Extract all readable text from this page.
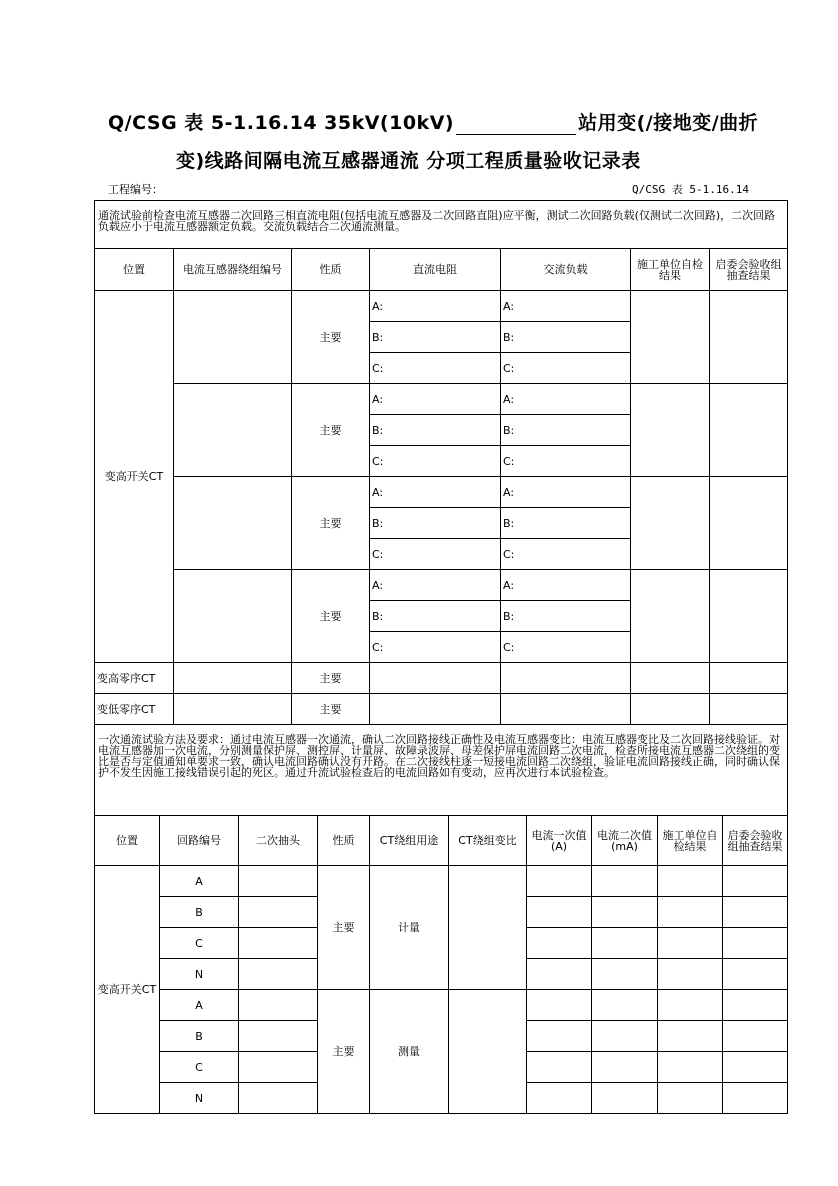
Q/CSG 表 5-1.16.14 35kV(10kV)	站用变(/接地变/曲折
变)线路间隔电流互感器通流 分项工程质量验收记录表
工程编号：	Q/CSG 表 5-1.16.14
通流试验前检查电流互感器二次回路三相直流电阻(包括电流互感器及二次回路直阻)应平衡，测试二次回路负载(仅测试二次回路)，二次回路负载应小于电流互感器额定负载。交流负载结合二次通流测量。						
位置	电流互感器绕组编号	性质	直流电阻	交流负载	施工单位自检结果	启委会验收组抽查结果
变高开关CT		主要	A:	A:		
			B:	B:		
			C:	C:		
		主要	A:	A:		
			B:	B:		
			C:	C:		
		主要	A:	A:		
			B:	B:		
			C:	C:		
		主要	A:	A:		
			B:	B:		
			C:	C:		
变高零序CT		主要				
变低零序CT		主要				
一次通流试验方法及要求：通过电流互感器一次通流，确认二次回路接线正确性及电流互感器变比：电流互感器变比及二次回路接线验证。对电流互感器加一次电流，分别测量保护屏、测控屏、计量屏、故障录波屏、母差保护屏电流回路二次电流，检查所接电流互感器二次绕组的变比是否与定值通知单要求一致，确认电流回路确认没有开路。在二次接线柱逐一短接电流回路二次绕组，验证电流回路接线正确，同时确认保护不发生因施工接线错误引起的死区。通过升流试验检查后的电流回路如有变动，应再次进行本试验检查。									
位置	回路编号	二次抽头	性质	CT绕组用途	CT绕组变比	电流一次值(A)	电流二次值(mA)	施工单位自检结果	启委会验收组抽查结果
变高开关CT	A		主要	计量					
	B								
	C								
	N								
	A		主要	测量					
	B								
	C								
	N								
